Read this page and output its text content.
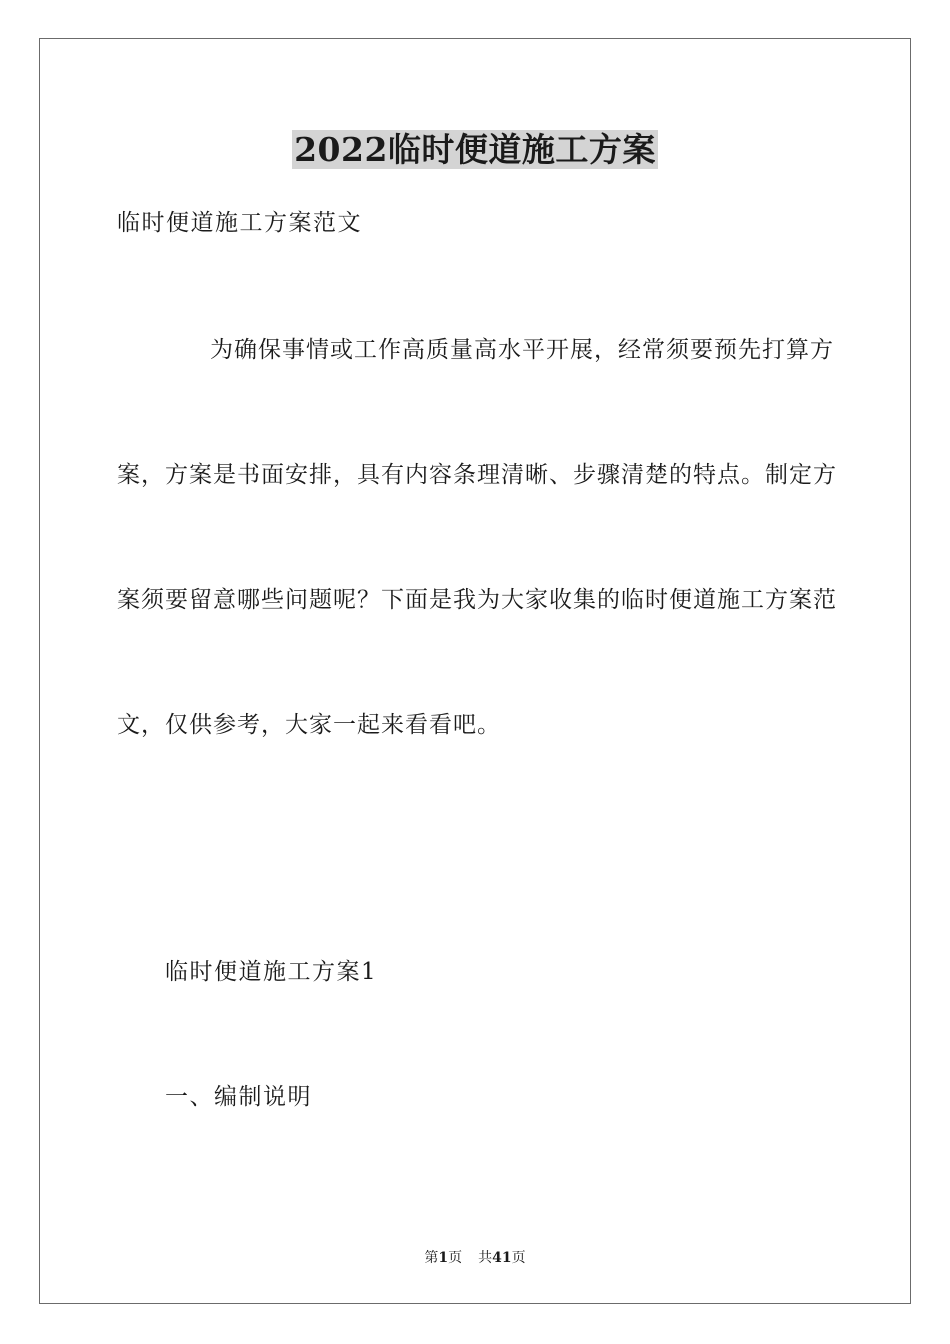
2022临时便道施工方案
临时便道施工方案范文
为确保事情或工作高质量高水平开展，经常须要预先打算方
案，方案是书面安排，具有内容条理清晰、步骤清楚的特点。制定方
案须要留意哪些问题呢？下面是我为大家收集的临时便道施工方案范
文，仅供参考，大家一起来看看吧。
临时便道施工方案1
一、编制说明
第1页 共41页
